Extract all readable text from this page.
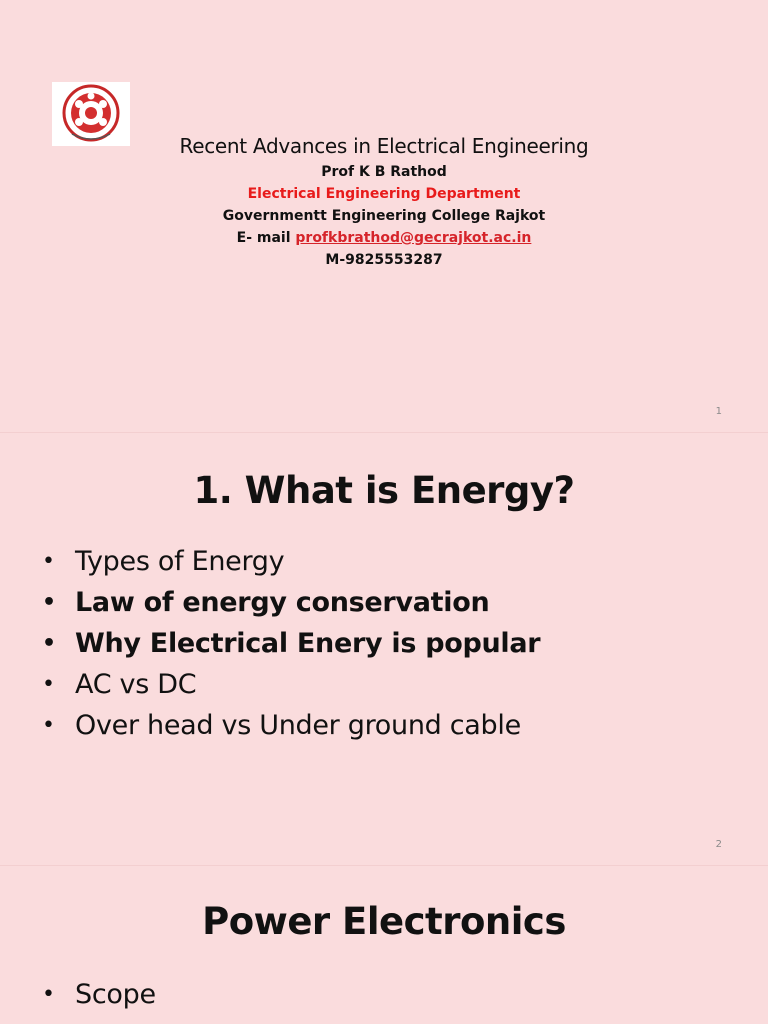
Recent Advances in Electrical Engineering
Prof K B Rathod
Electrical Engineering Department
Governmentt Engineering College Rajkot
E- mail profkbrathod@gecrajkot.ac.in
M-9825553287
1
1. What is Energy?
• Types of Energy
• Law of energy conservation
• Why Electrical Enery is popular
• AC vs DC
• Over head vs Under ground cable
2
Power Electronics
• Scope
